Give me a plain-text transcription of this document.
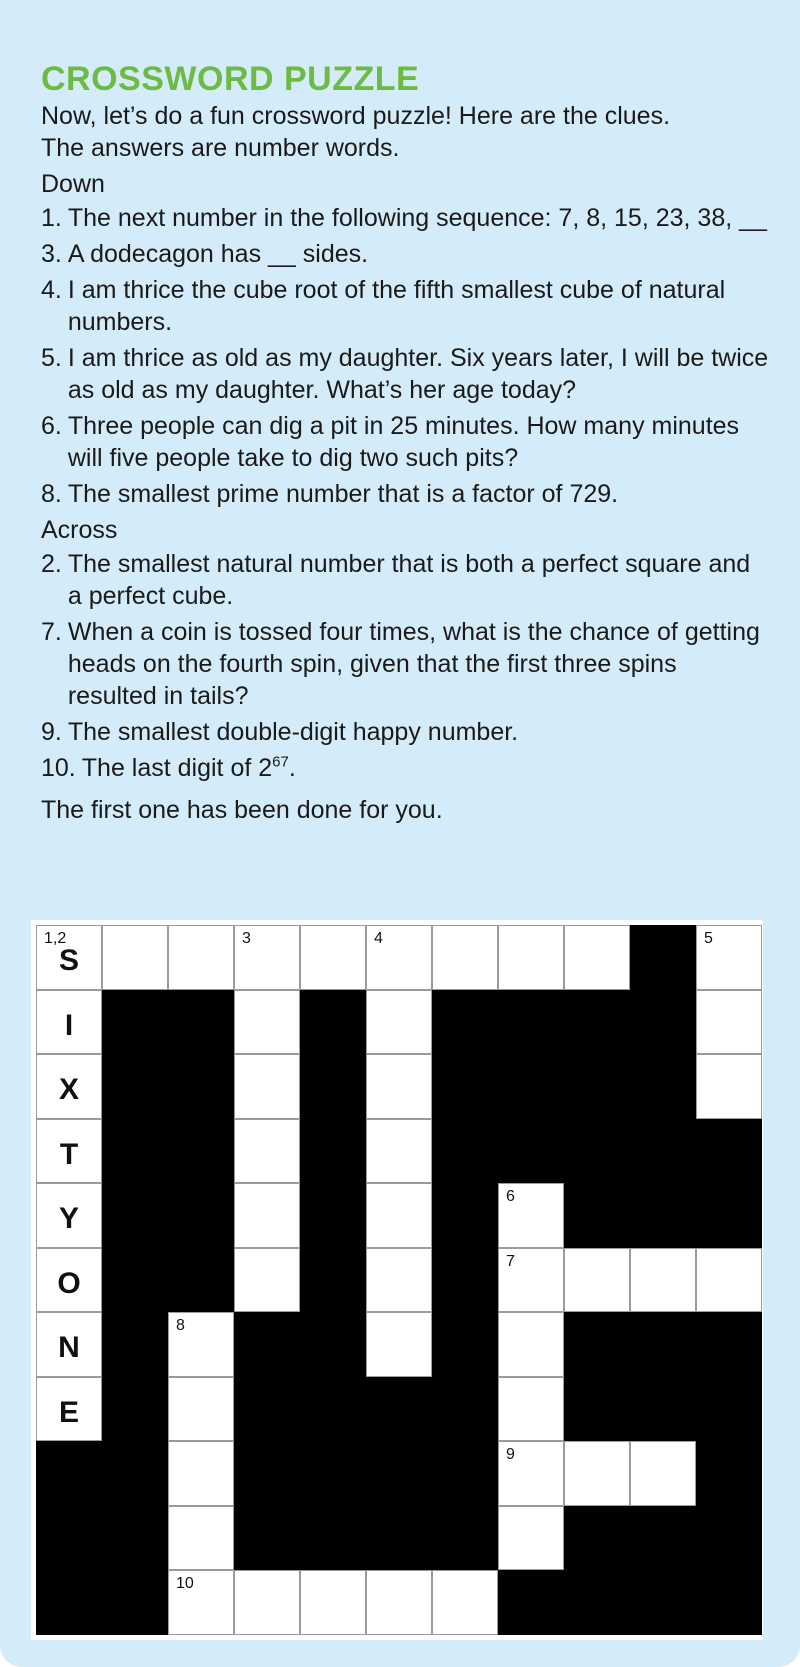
CROSSWORD PUZZLE

Now, let’s do a fun crossword puzzle! Here are the clues.

The answers are number words.

Down

1. The next number in the following sequence: 7, 8, 15, 23, 38, __
3. A dodecagon has __ sides.
4. I am thrice the cube root of the fifth smallest cube of natural numbers.
5. I am thrice as old as my daughter. Six years later, I will be twice as old as my daughter. What’s her age today?
6. Three people can dig a pit in 25 minutes. How many minutes will five people take to dig two such pits?
8. The smallest prime number that is a factor of 729.

Across

2. The smallest natural number that is both a perfect square and a perfect cube.
7. When a coin is tossed four times, what is the chance of getting heads on the fourth spin, given that the first three spins resulted in tails?
9. The smallest double-digit happy number.
10. The last digit of $2^{67}$.

The first one has been done for you.

1,2
S
3	4	5
I
X
T
Y
6
O
7
N
8
E
9
10
